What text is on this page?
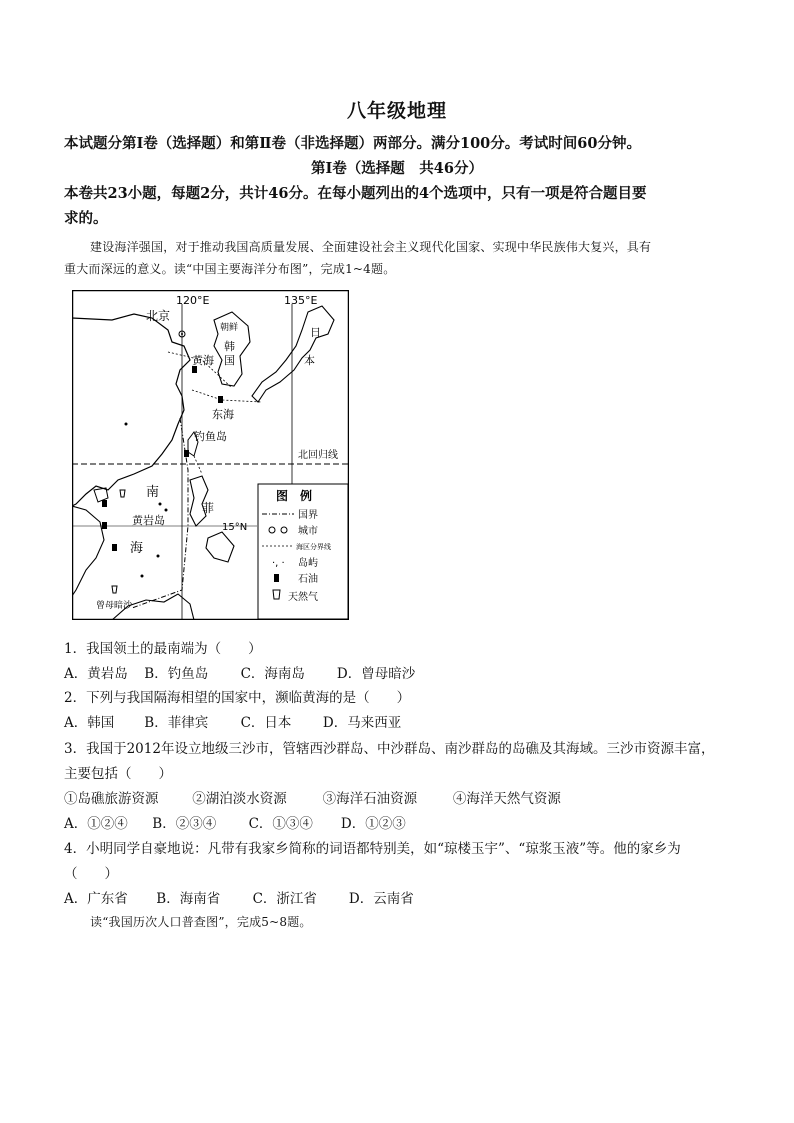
八年级地理
本试题分第Ⅰ卷（选择题）和第Ⅱ卷（非选择题）两部分。满分100分。考试时间60分钟。
第Ⅰ卷（选择题　共46分）
本卷共23小题，每题2分，共计46分。在每小题列出的4个选项中，只有一项是符合题目要
求的。
建设海洋强国，对于推动我国高质量发展、全面建设社会主义现代化国家、实现中华民族伟大复兴，具有
重大而深远的意义。读“中国主要海洋分布图”，完成1~4题。
120°E	135°E
北京
朝鲜
韩
国
黄海
日
本
东海
钓鱼岛
北回归线
南
菲
黄岩岛
15°N
海
曾母暗沙
图　例
国界
城市
海区分界线
·, · 岛屿
石油
天然气
1．我国领土的最南端为（　　）
A．黄岩岛 B．钓鱼岛 C．海南岛 D．曾母暗沙
2．下列与我国隔海相望的国家中，濒临黄海的是（　　）
A．韩国 B．菲律宾 C．日本 D．马来西亚
3．我国于2012年设立地级三沙市，管辖西沙群岛、中沙群岛、南沙群岛的岛礁及其海域。三沙市资源丰富，
主要包括（　　）
①岛礁旅游资源	②湖泊淡水资源	③海洋石油资源	④海洋天然气资源
A．①②④ B．②③④ C．①③④ D．①②③
4．小明同学自豪地说：凡带有我家乡简称的词语都特别美，如“琼楼玉宇”、“琼浆玉液”等。他的家乡为
（　　）
A．广东省 B．海南省 C．浙江省 D．云南省
读“我国历次人口普查图”，完成5~8题。
